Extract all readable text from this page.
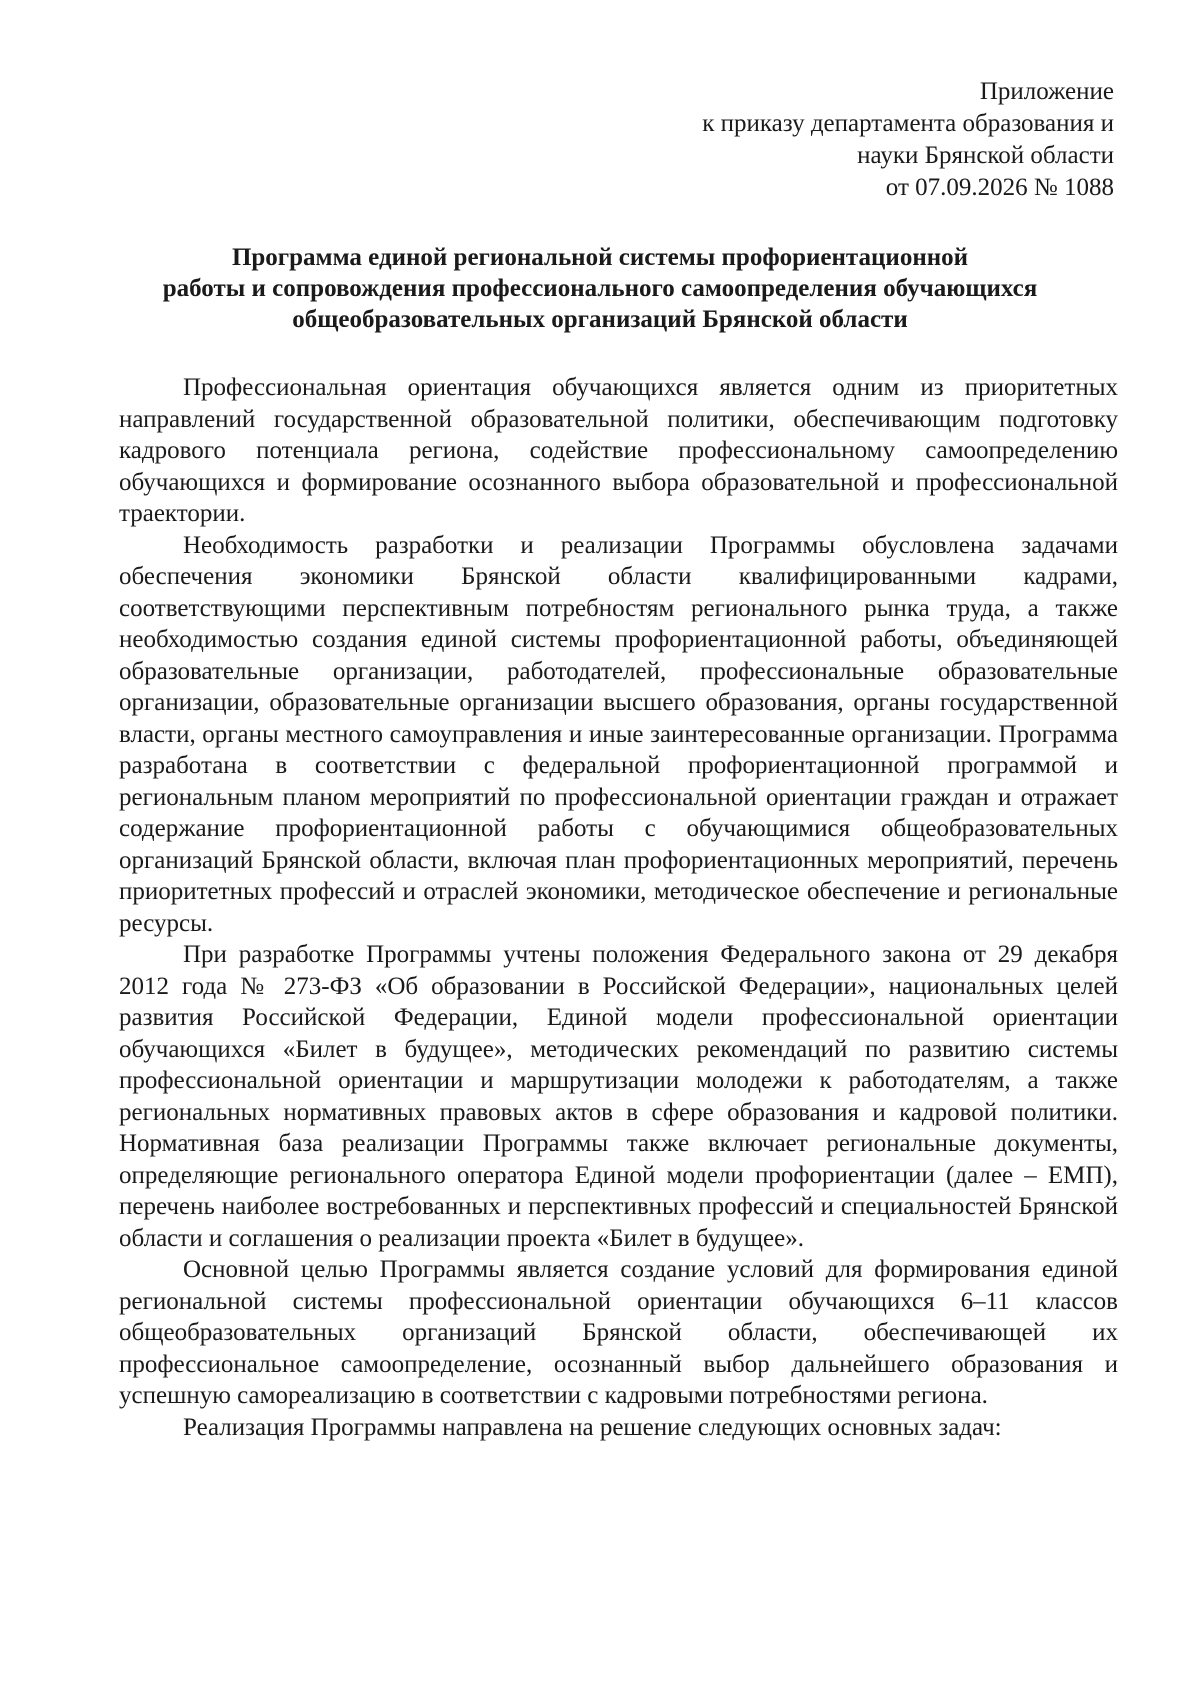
Приложение
к приказу департамента образования и
науки Брянской области
от 07.09.2026 № 1088
Программа единой региональной системы профориентационной
работы и сопровождения профессионального самоопределения обучающихся
общеобразовательных организаций Брянской области

Профессиональная ориентация обучающихся является одним из приоритетных направлений государственной образовательной политики, обеспечивающим подготовку кадрового потенциала региона, содействие профессиональному самоопределению обучающихся и формирование осознанного выбора образовательной и профессиональной траектории.

Необходимость разработки и реализации Программы обусловлена задачами обеспечения экономики Брянской области квалифицированными кадрами, соответствующими перспективным потребностям регионального рынка труда, а также необходимостью создания единой системы профориентационной работы, объединяющей образовательные организации, работодателей, профессиональные образовательные организации, образовательные организации высшего образования, органы государственной власти, органы местного самоуправления и иные заинтересованные организации. Программа разработана в соответствии с федеральной профориентационной программой и региональным планом мероприятий по профессиональной ориентации граждан и отражает содержание профориентационной работы с обучающимися общеобразовательных организаций Брянской области, включая план профориентационных мероприятий, перечень приоритетных профессий и отраслей экономики, методическое обеспечение и региональные ресурсы.

При разработке Программы учтены положения Федерального закона от 29 декабря 2012 года № 273-ФЗ «Об образовании в Российской Федерации», национальных целей развития Российской Федерации, Единой модели профессиональной ориентации обучающихся «Билет в будущее», методических рекомендаций по развитию системы профессиональной ориентации и маршрутизации молодежи к работодателям, а также региональных нормативных правовых актов в сфере образования и кадровой политики. Нормативная база реализации Программы также включает региональные документы, определяющие регионального оператора Единой модели профориентации (далее – ЕМП), перечень наиболее востребованных и перспективных профессий и специальностей Брянской области и соглашения о реализации проекта «Билет в будущее».

Основной целью Программы является создание условий для формирования единой региональной системы профессиональной ориентации обучающихся 6–11 классов общеобразовательных организаций Брянской области, обеспечивающей их профессиональное самоопределение, осознанный выбор дальнейшего образования и успешную самореализацию в соответствии с кадровыми потребностями региона.

Реализация Программы направлена на решение следующих основных задач:
